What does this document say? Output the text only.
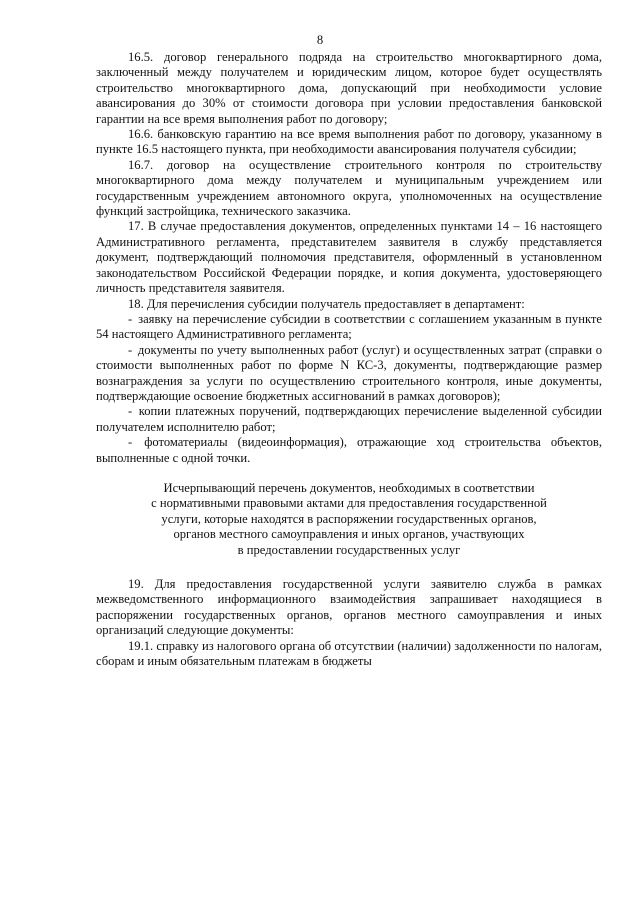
8

16.5. договор генерального подряда на строительство многоквартирного дома, заключенный между получателем и юридическим лицом, которое будет осуществлять строительство многоквартирного дома, допускающий при необходимости условие авансирования до 30% от стоимости договора при условии предоставления банковской гарантии на все время выполнения работ по договору;

16.6. банковскую гарантию на все время выполнения работ по договору, указанному в пункте 16.5 настоящего пункта, при необходимости авансирования получателя субсидии;

16.7. договор на осуществление строительного контроля по строительству многоквартирного дома между получателем и муниципальным учреждением или государственным учреждением автономного округа, уполномоченных на осуществление функций застройщика, технического заказчика.

17. В случае предоставления документов, определенных пунктами 14 – 16 настоящего Административного регламента, представителем заявителя в службу представляется документ, подтверждающий полномочия представителя, оформленный в установленном законодательством Российской Федерации порядке, и копия документа, удостоверяющего личность представителя заявителя.

18. Для перечисления субсидии получатель предоставляет в департамент:

- заявку на перечисление субсидии в соответствии с соглашением указанным в пункте 54 настоящего Административного регламента;

- документы по учету выполненных работ (услуг) и осуществленных затрат (справки о стоимости выполненных работ по форме N КС-3, документы, подтверждающие размер вознаграждения за услуги по осуществлению строительного контроля, иные документы, подтверждающие освоение бюджетных ассигнований в рамках договоров);

- копии платежных поручений, подтверждающих перечисление выделенной субсидии получателем исполнителю работ;

- фотоматериалы (видеоинформация), отражающие ход строительства объектов, выполненные с одной точки.

Исчерпывающий перечень документов, необходимых в соответствии

с нормативными правовыми актами для предоставления государственной

услуги, которые находятся в распоряжении государственных органов,

органов местного самоуправления и иных органов, участвующих

в предоставлении государственных услуг

19. Для предоставления государственной услуги заявителю служба в рамках межведомственного информационного взаимодействия запрашивает находящиеся в распоряжении государственных органов, органов местного самоуправления и иных организаций следующие документы:

19.1. справку из налогового органа об отсутствии (наличии) задолженности по налогам, сборам и иным обязательным платежам в бюджеты
